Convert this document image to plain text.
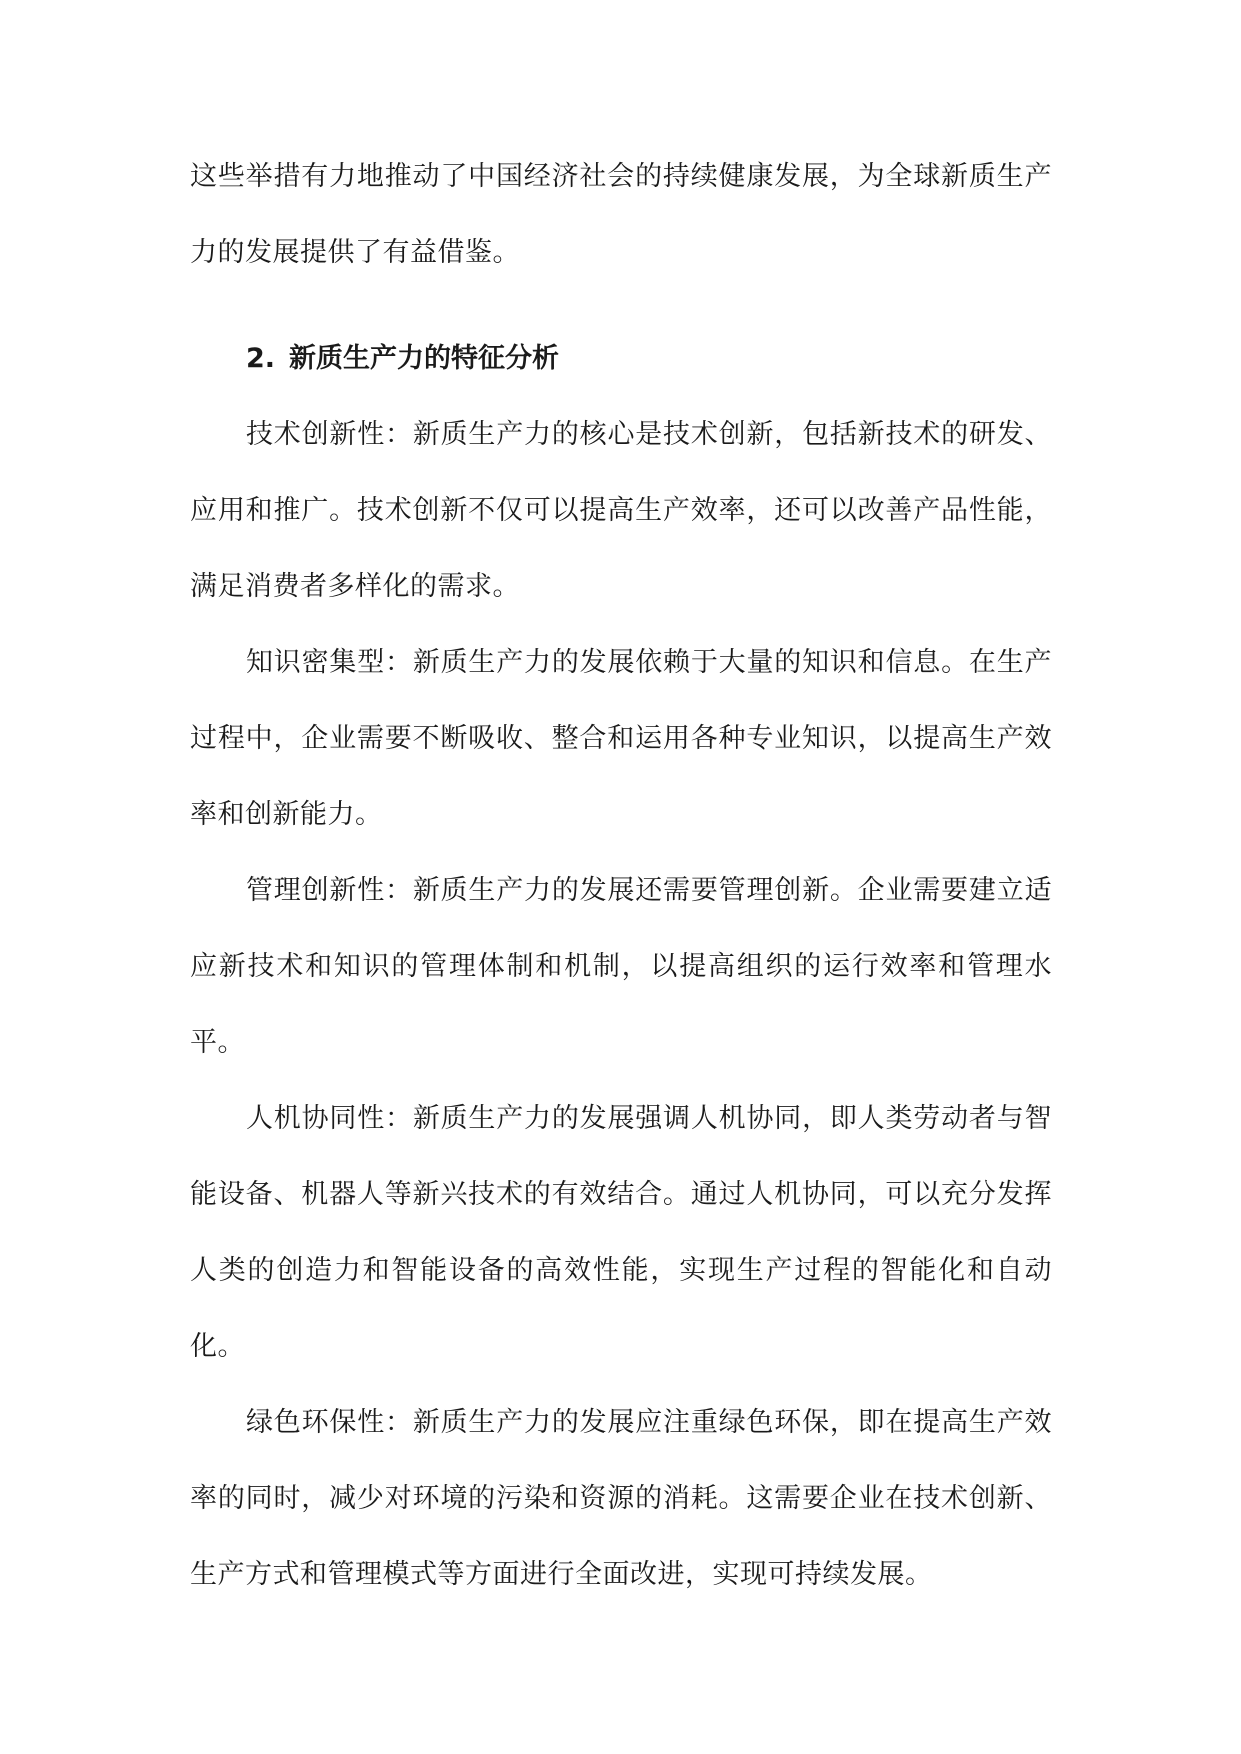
这些举措有力地推动了中国经济社会的持续健康发展，为全球新质生产力的发展提供了有益借鉴。

2. 新质生产力的特征分析

技术创新性：新质生产力的核心是技术创新，包括新技术的研发、应用和推广。技术创新不仅可以提高生产效率，还可以改善产品性能，满足消费者多样化的需求。

知识密集型：新质生产力的发展依赖于大量的知识和信息。在生产过程中，企业需要不断吸收、整合和运用各种专业知识，以提高生产效率和创新能力。

管理创新性：新质生产力的发展还需要管理创新。企业需要建立适应新技术和知识的管理体制和机制，以提高组织的运行效率和管理水平。

人机协同性：新质生产力的发展强调人机协同，即人类劳动者与智能设备、机器人等新兴技术的有效结合。通过人机协同，可以充分发挥人类的创造力和智能设备的高效性能，实现生产过程的智能化和自动化。

绿色环保性：新质生产力的发展应注重绿色环保，即在提高生产效率的同时，减少对环境的污染和资源的消耗。这需要企业在技术创新、生产方式和管理模式等方面进行全面改进，实现可持续发展。
